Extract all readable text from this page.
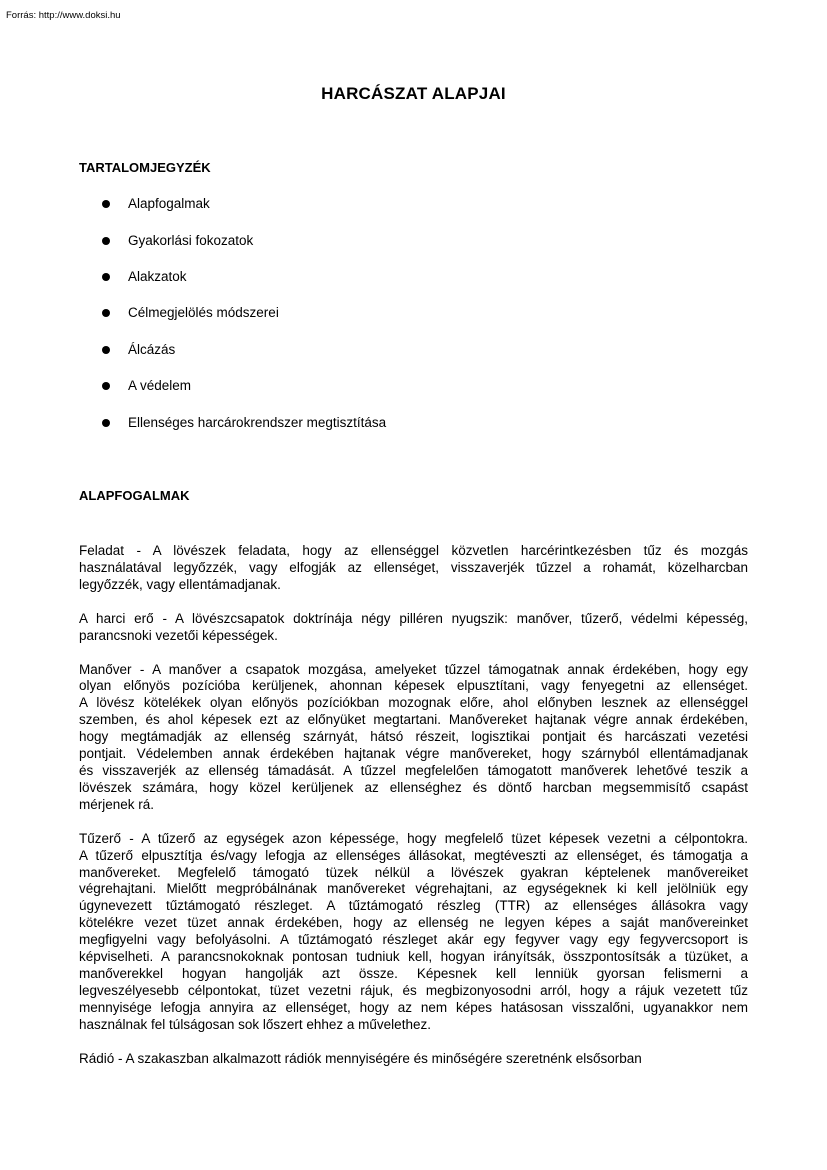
Forrás: http://www.doksi.hu
HARCÁSZAT ALAPJAI
TARTALOMJEGYZÉK
Alapfogalmak
Gyakorlási fokozatok
Alakzatok
Célmegjelölés módszerei
Álcázás
A védelem
Ellenséges harcárokrendszer megtisztítása
ALAPFOGALMAK

Feladat - A lövészek feladata, hogy az ellenséggel közvetlen harcérintkezésben tűz és mozgás
használatával legyőzzék, vagy elfogják az ellenséget, visszaverjék tűzzel a rohamát, közelharcban
legyőzzék, vagy ellentámadjanak.

A harci erő - A lövészcsapatok doktrínája négy pilléren nyugszik: manőver, tűzerő, védelmi képesség,
parancsnoki vezetői képességek.

Manőver - A manőver a csapatok mozgása, amelyeket tűzzel támogatnak annak érdekében, hogy egy
olyan előnyös pozícióba kerüljenek, ahonnan képesek elpusztítani, vagy fenyegetni az ellenséget.
A lövész kötelékek olyan előnyös pozíciókban mozognak előre, ahol előnyben lesznek az ellenséggel
szemben, és ahol képesek ezt az előnyüket megtartani. Manővereket hajtanak végre annak érdekében,
hogy megtámadják az ellenség szárnyát, hátsó részeit, logisztikai pontjait és harcászati vezetési
pontjait. Védelemben annak érdekében hajtanak végre manővereket, hogy szárnyból ellentámadjanak
és visszaverjék az ellenség támadását. A tűzzel megfelelően támogatott manőverek lehetővé teszik a
lövészek számára, hogy közel kerüljenek az ellenséghez és döntő harcban megsemmisítő csapást
mérjenek rá.

Tűzerő - A tűzerő az egységek azon képessége, hogy megfelelő tüzet képesek vezetni a célpontokra.
A tűzerő elpusztítja és/vagy lefogja az ellenséges állásokat, megtéveszti az ellenséget, és támogatja a
manővereket. Megfelelő támogató tüzek nélkül a lövészek gyakran képtelenek manővereiket
végrehajtani. Mielőtt megpróbálnának manővereket végrehajtani, az egységeknek ki kell jelölniük egy
úgynevezett tűztámogató részleget. A tűztámogató részleg (TTR) az ellenséges állásokra vagy
kötelékre vezet tüzet annak érdekében, hogy az ellenség ne legyen képes a saját manővereinket
megfigyelni vagy befolyásolni. A tűztámogató részleget akár egy fegyver vagy egy fegyvercsoport is
képviselheti. A parancsnokoknak pontosan tudniuk kell, hogyan irányítsák, összpontosítsák a tüzüket, a
manőverekkel hogyan hangolják azt össze. Képesnek kell lenniük gyorsan felismerni a
legveszélyesebb célpontokat, tüzet vezetni rájuk, és megbizonyosodni arról, hogy a rájuk vezetett tűz
mennyisége lefogja annyira az ellenséget, hogy az nem képes hatásosan visszalőni, ugyanakkor nem
használnak fel túlságosan sok lőszert ehhez a művelethez.

Rádió - A szakaszban alkalmazott rádiók mennyiségére és minőségére szeretnénk elsősorban
